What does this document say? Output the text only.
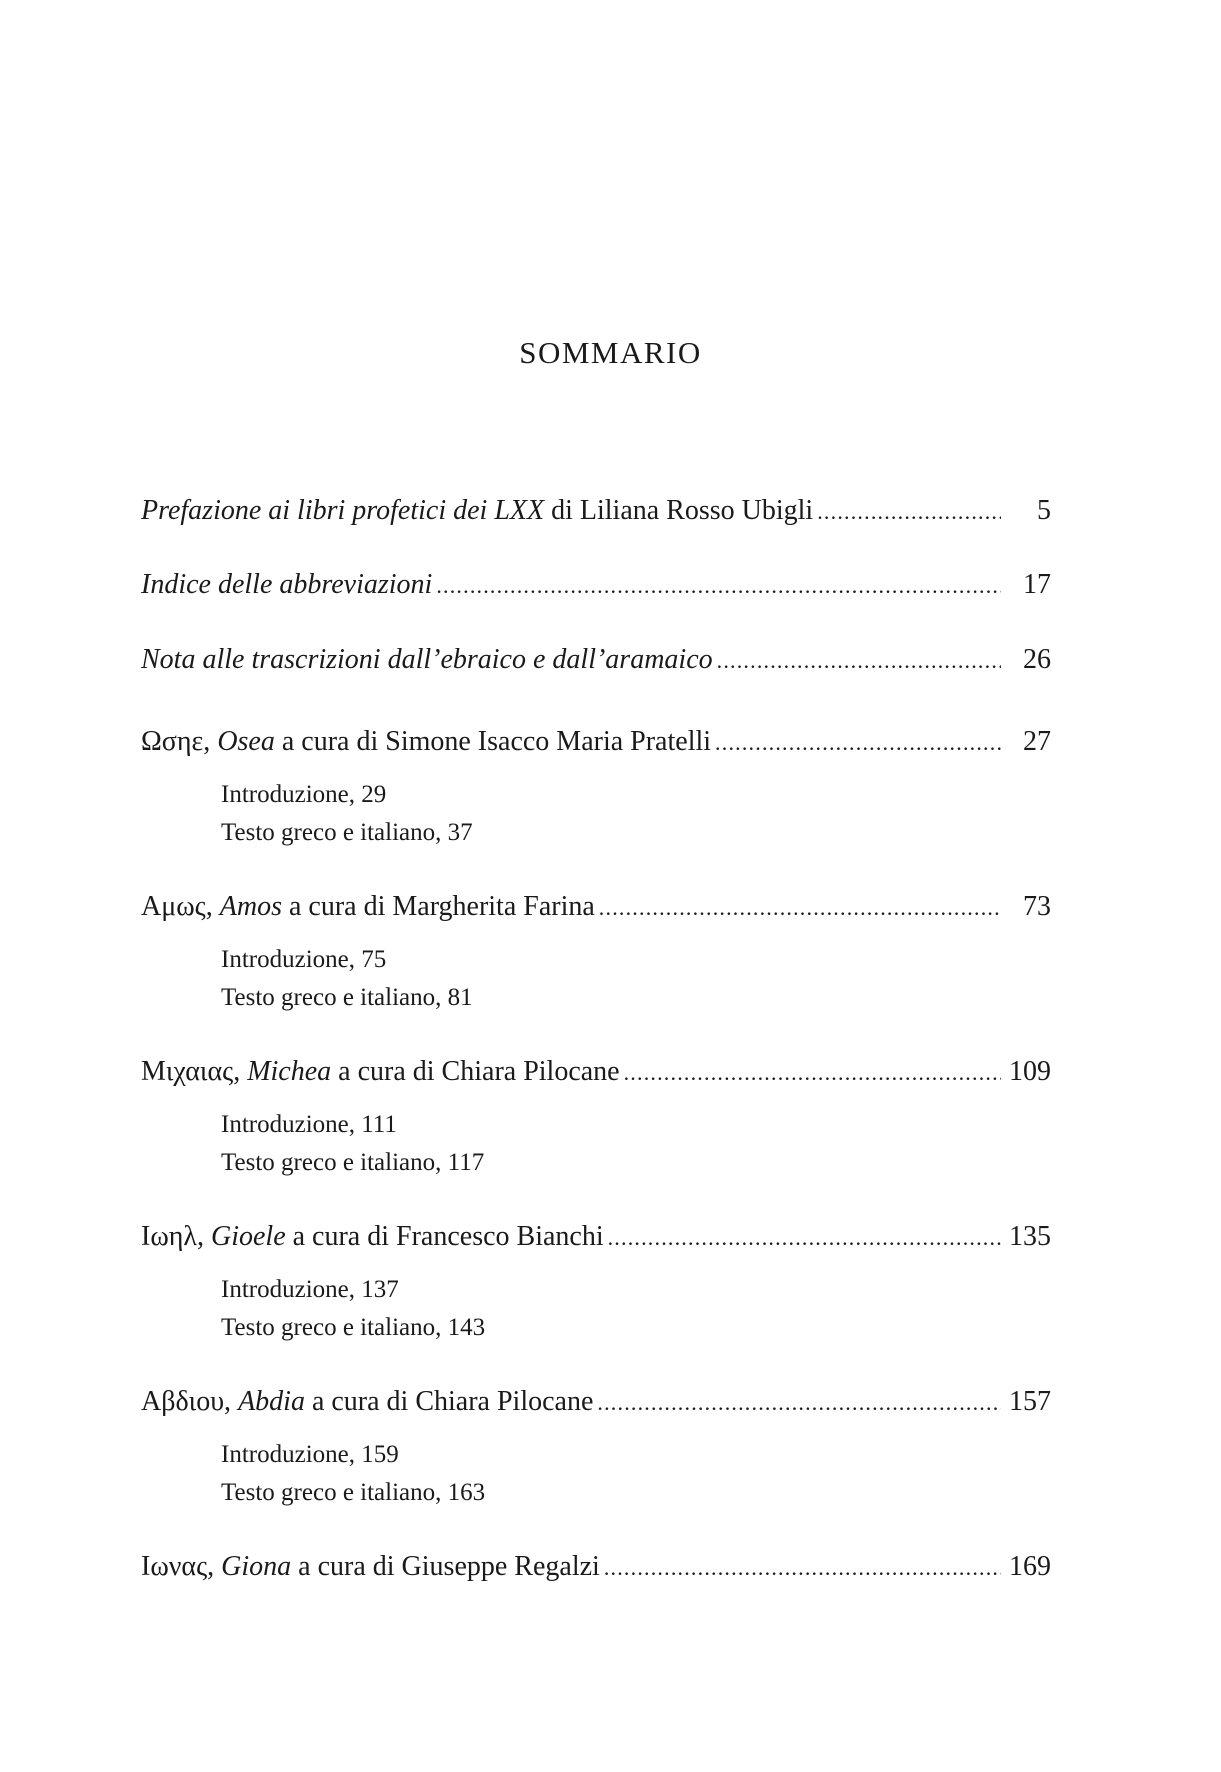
SOMMARIO
Prefazione ai libri profetici dei LXX di Liliana Rosso Ubigli .....	5
Indice delle abbreviazioni .....	17
Nota alle trascrizioni dall’ebraico e dall’aramaico .....	26
Ωσηε, Osea a cura di Simone Isacco Maria Pratelli .....	27
Introduzione, 29
Testo greco e italiano, 37
Αμως, Amos a cura di Margherita Farina .....	73
Introduzione, 75
Testo greco e italiano, 81
Μιχαιας, Michea a cura di Chiara Pilocane .....	109
Introduzione, 111
Testo greco e italiano, 117
Ιωηλ, Gioele a cura di Francesco Bianchi .....	135
Introduzione, 137
Testo greco e italiano, 143
Αβδιου, Abdia a cura di Chiara Pilocane .....	157
Introduzione, 159
Testo greco e italiano, 163
Ιωνας, Giona a cura di Giuseppe Regalzi .....	169
